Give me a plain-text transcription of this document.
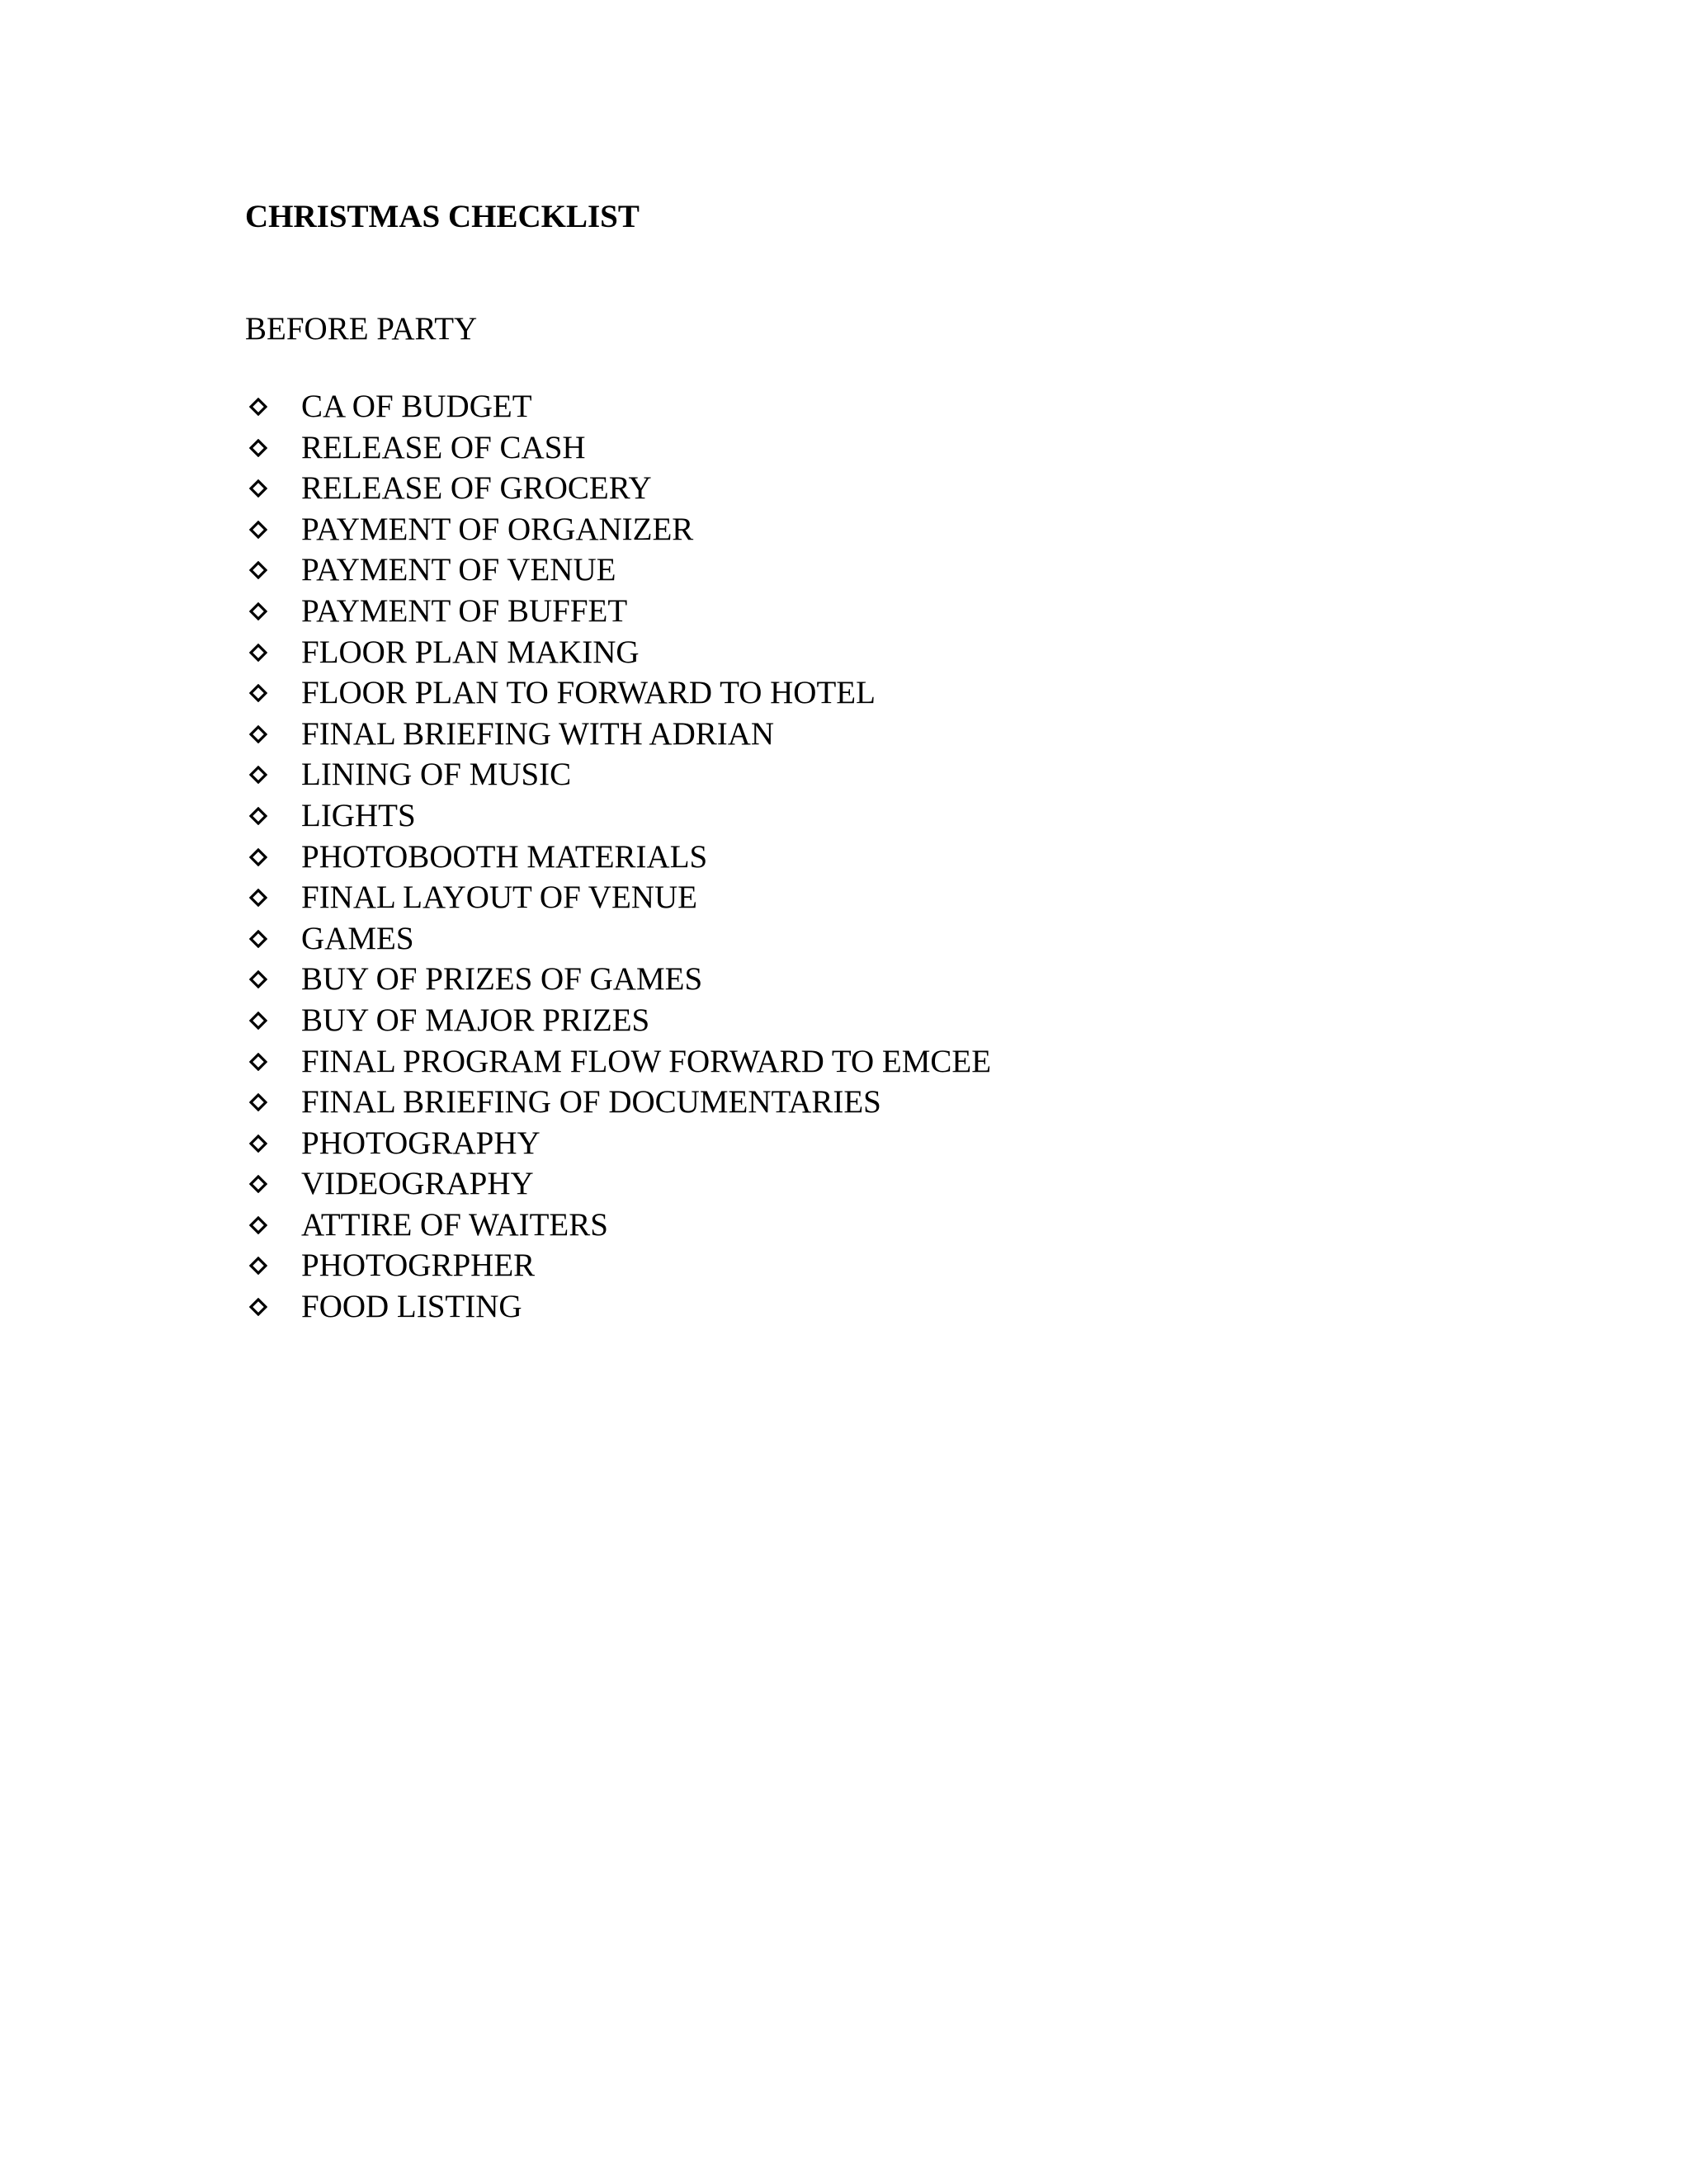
CHRISTMAS CHECKLIST
BEFORE PARTY
CA OF BUDGET
RELEASE OF CASH
RELEASE OF GROCERY
PAYMENT OF ORGANIZER
PAYMENT OF VENUE
PAYMENT OF BUFFET
FLOOR PLAN MAKING
FLOOR PLAN TO FORWARD TO HOTEL
FINAL BRIEFING WITH ADRIAN
LINING OF MUSIC
LIGHTS
PHOTOBOOTH MATERIALS
FINAL LAYOUT OF VENUE
GAMES
BUY OF PRIZES OF GAMES
BUY OF MAJOR PRIZES
FINAL PROGRAM FLOW FORWARD TO EMCEE
FINAL BRIEFING OF DOCUMENTARIES
PHOTOGRAPHY
VIDEOGRAPHY
ATTIRE OF WAITERS
PHOTOGRPHER
FOOD LISTING
